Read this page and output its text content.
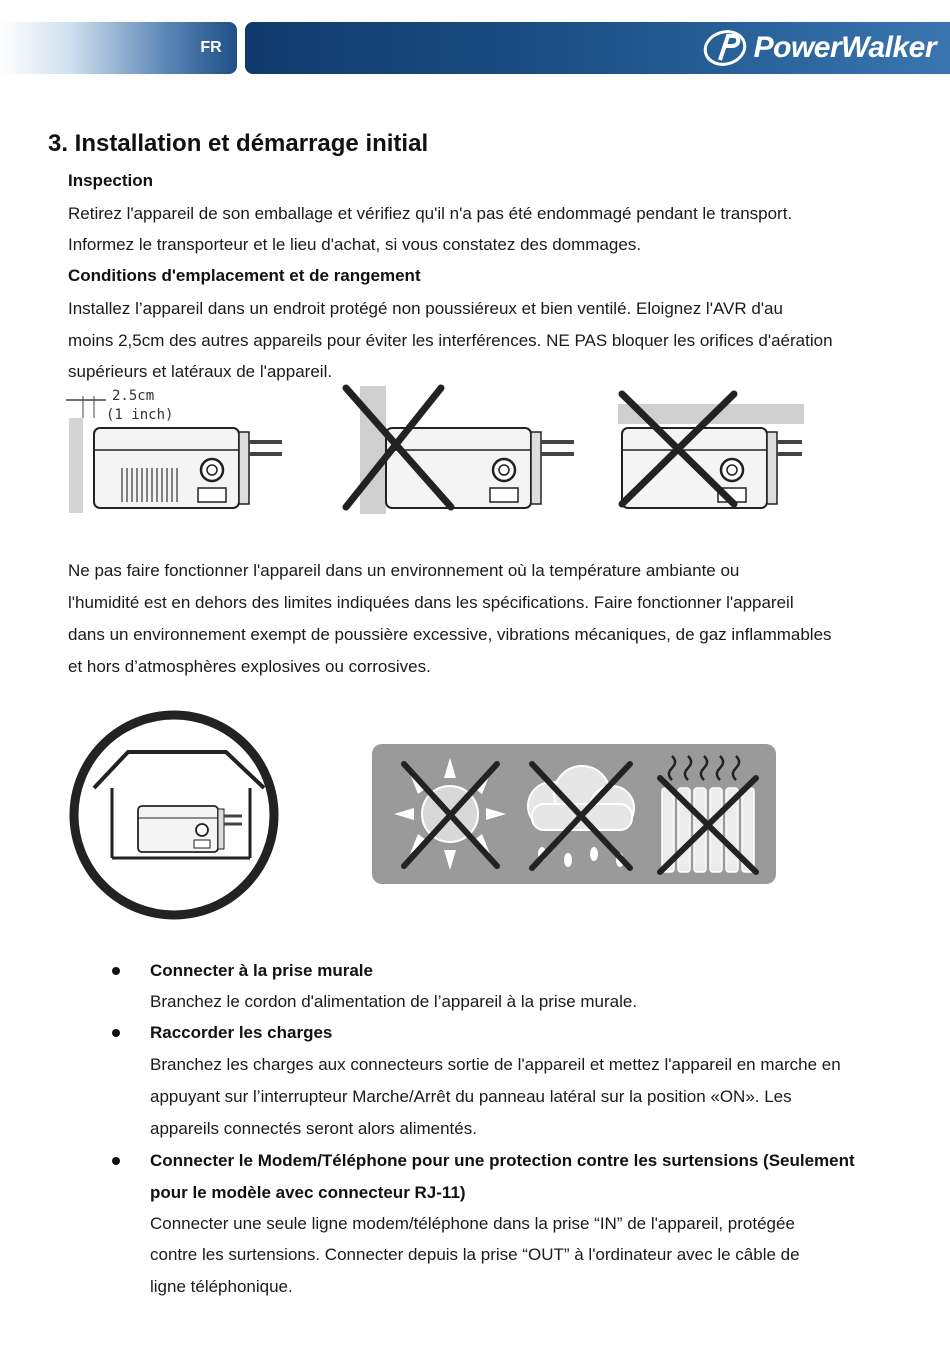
FR	PowerWalker
3. Installation et démarrage initial
Inspection
Retirez l'appareil de son emballage et vérifiez qu'il n'a pas été endommagé pendant le transport.
Informez le transporteur et le lieu d'achat, si vous constatez des dommages.
Conditions d'emplacement et de rangement
Installez l’appareil dans un endroit protégé non poussiéreux et bien ventilé. Eloignez l'AVR d'au
moins 2,5cm des autres appareils pour éviter les interférences. NE PAS bloquer les orifices d'aération
supérieurs et latéraux de l'appareil.
2.5cm
(1 inch)
Ne pas faire fonctionner l'appareil dans un environnement où la température ambiante ou
l'humidité est en dehors des limites indiquées dans les spécifications. Faire fonctionner l'appareil
dans un environnement exempt de poussière excessive, vibrations mécaniques, de gaz inflammables
et hors d’atmosphères explosives ou corrosives.
Connecter à la prise murale
Branchez le cordon d'alimentation de l’appareil à la prise murale.
Raccorder les charges
Branchez les charges aux connecteurs sortie de l'appareil et mettez l'appareil en marche en
appuyant sur l’interrupteur Marche/Arrêt du panneau latéral sur la position «ON». Les
appareils connectés seront alors alimentés.
Connecter le Modem/Téléphone pour une protection contre les surtensions (Seulement
pour le modèle avec connecteur RJ-11)
Connecter une seule ligne modem/téléphone dans la prise “IN” de l'appareil, protégée
contre les surtensions. Connecter depuis la prise “OUT” à l'ordinateur avec le câble de
ligne téléphonique.
